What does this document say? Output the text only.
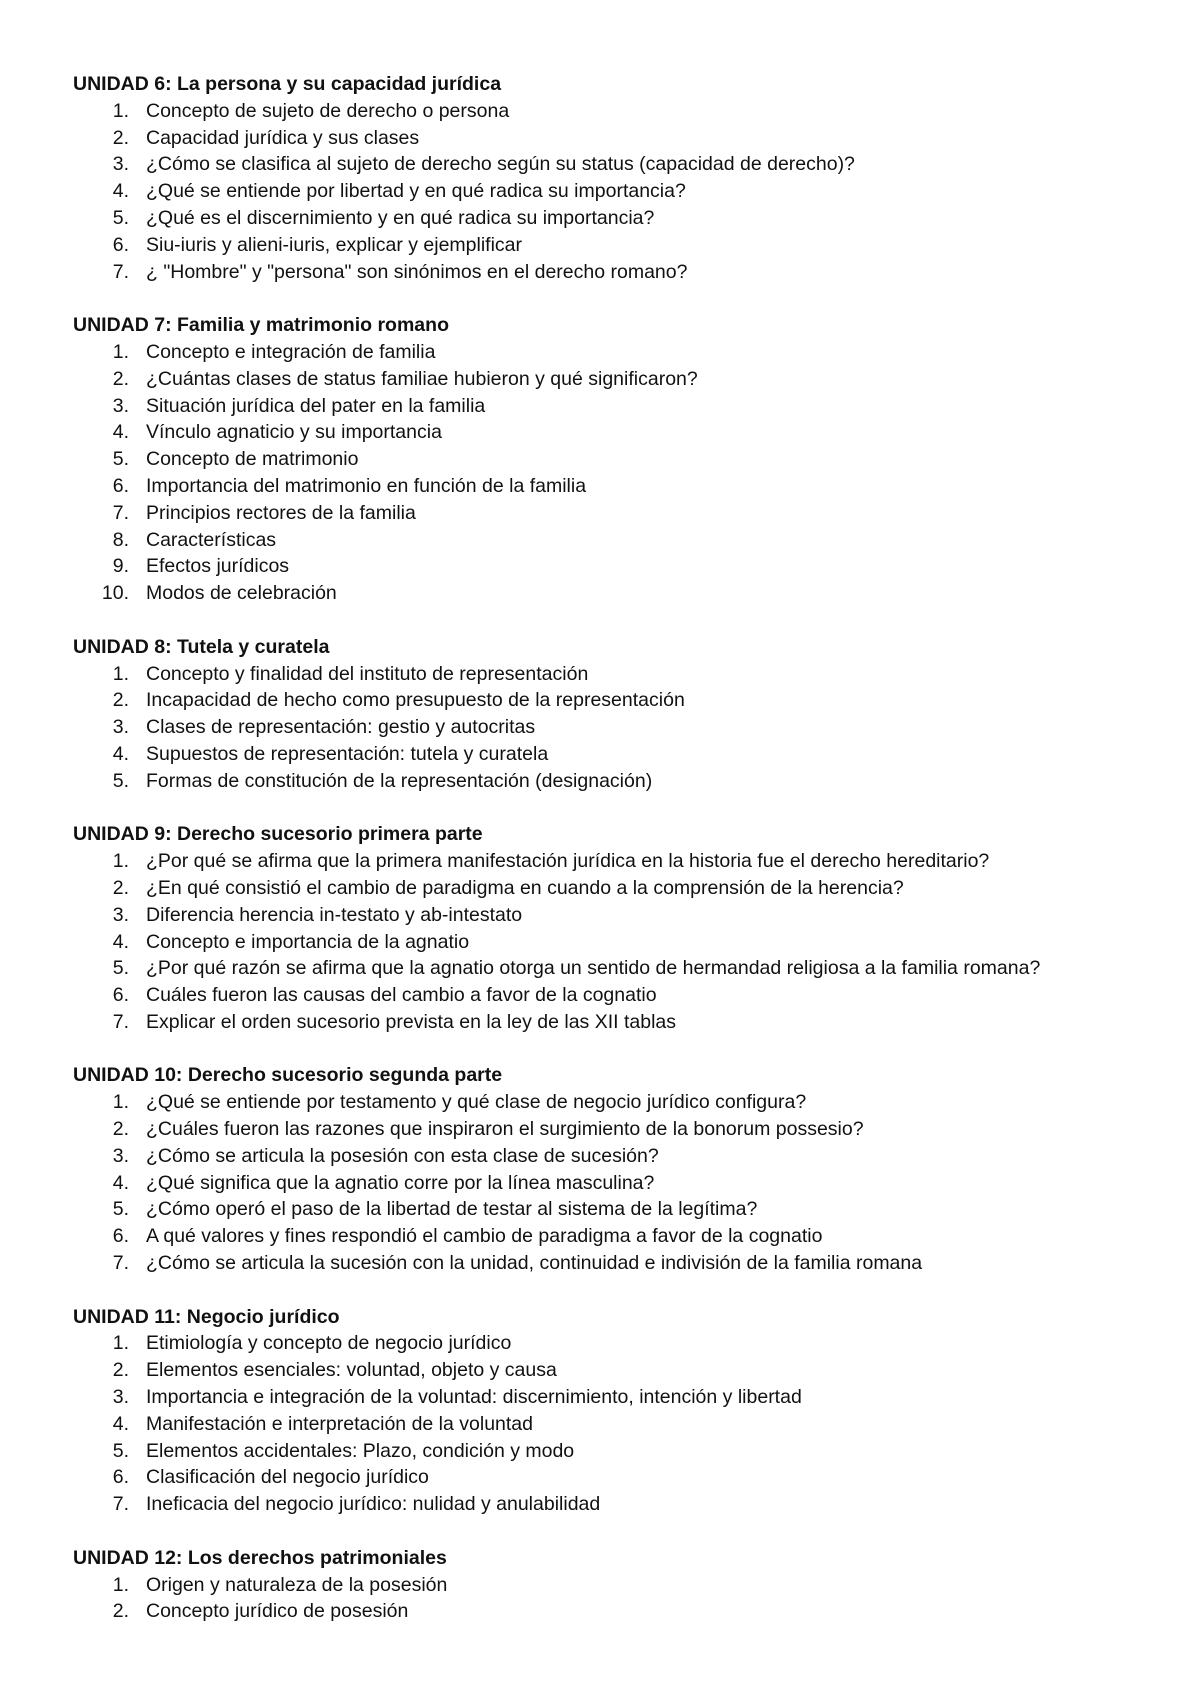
UNIDAD 6: La persona y su capacidad jurídica
1. Concepto de sujeto de derecho o persona
2. Capacidad jurídica y sus clases
3. ¿Cómo se clasifica al sujeto de derecho según su status (capacidad de derecho)?
4. ¿Qué se entiende por libertad y en qué radica su importancia?
5. ¿Qué es el discernimiento y en qué radica su importancia?
6. Siu-iuris y alieni-iuris, explicar y ejemplificar
7. ¿ "Hombre" y "persona" son sinónimos en el derecho romano?
UNIDAD 7: Familia y matrimonio romano
1. Concepto e integración de familia
2. ¿Cuántas clases de status familiae hubieron y qué significaron?
3. Situación jurídica del pater en la familia
4. Vínculo agnaticio y su importancia
5. Concepto de matrimonio
6. Importancia del matrimonio en función de la familia
7. Principios rectores de la familia
8. Características
9. Efectos jurídicos
10. Modos de celebración
UNIDAD 8: Tutela y curatela
1. Concepto y finalidad del instituto de representación
2. Incapacidad de hecho como presupuesto de la representación
3. Clases de representación: gestio y autocritas
4. Supuestos de representación: tutela y curatela
5. Formas de constitución de la representación (designación)
UNIDAD 9: Derecho sucesorio primera parte
1. ¿Por qué se afirma que la primera manifestación jurídica en la historia fue el derecho hereditario?
2. ¿En qué consistió el cambio de paradigma en cuando a la comprensión de la herencia?
3. Diferencia herencia in-testato y ab-intestato
4. Concepto e importancia de la agnatio
5. ¿Por qué razón se afirma que la agnatio otorga un sentido de hermandad religiosa a la familia romana?
6. Cuáles fueron las causas del cambio a favor de la cognatio
7. Explicar el orden sucesorio prevista en la ley de las XII tablas
UNIDAD 10: Derecho sucesorio segunda parte
1. ¿Qué se entiende por testamento y qué clase de negocio jurídico configura?
2. ¿Cuáles fueron las razones que inspiraron el surgimiento de la bonorum possesio?
3. ¿Cómo se articula la posesión con esta clase de sucesión?
4. ¿Qué significa que la agnatio corre por la línea masculina?
5. ¿Cómo operó el paso de la libertad de testar al sistema de la legítima?
6. A qué valores y fines respondió el cambio de paradigma a favor de la cognatio
7. ¿Cómo se articula la sucesión con la unidad, continuidad e indivisión de la familia romana
UNIDAD 11: Negocio jurídico
1. Etimiología y concepto de negocio jurídico
2. Elementos esenciales: voluntad, objeto y causa
3. Importancia e integración de la voluntad: discernimiento, intención y libertad
4. Manifestación e interpretación de la voluntad
5. Elementos accidentales: Plazo, condición y modo
6. Clasificación del negocio jurídico
7. Ineficacia del negocio jurídico: nulidad y anulabilidad
UNIDAD 12: Los derechos patrimoniales
1. Origen y naturaleza de la posesión
2. Concepto jurídico de posesión
